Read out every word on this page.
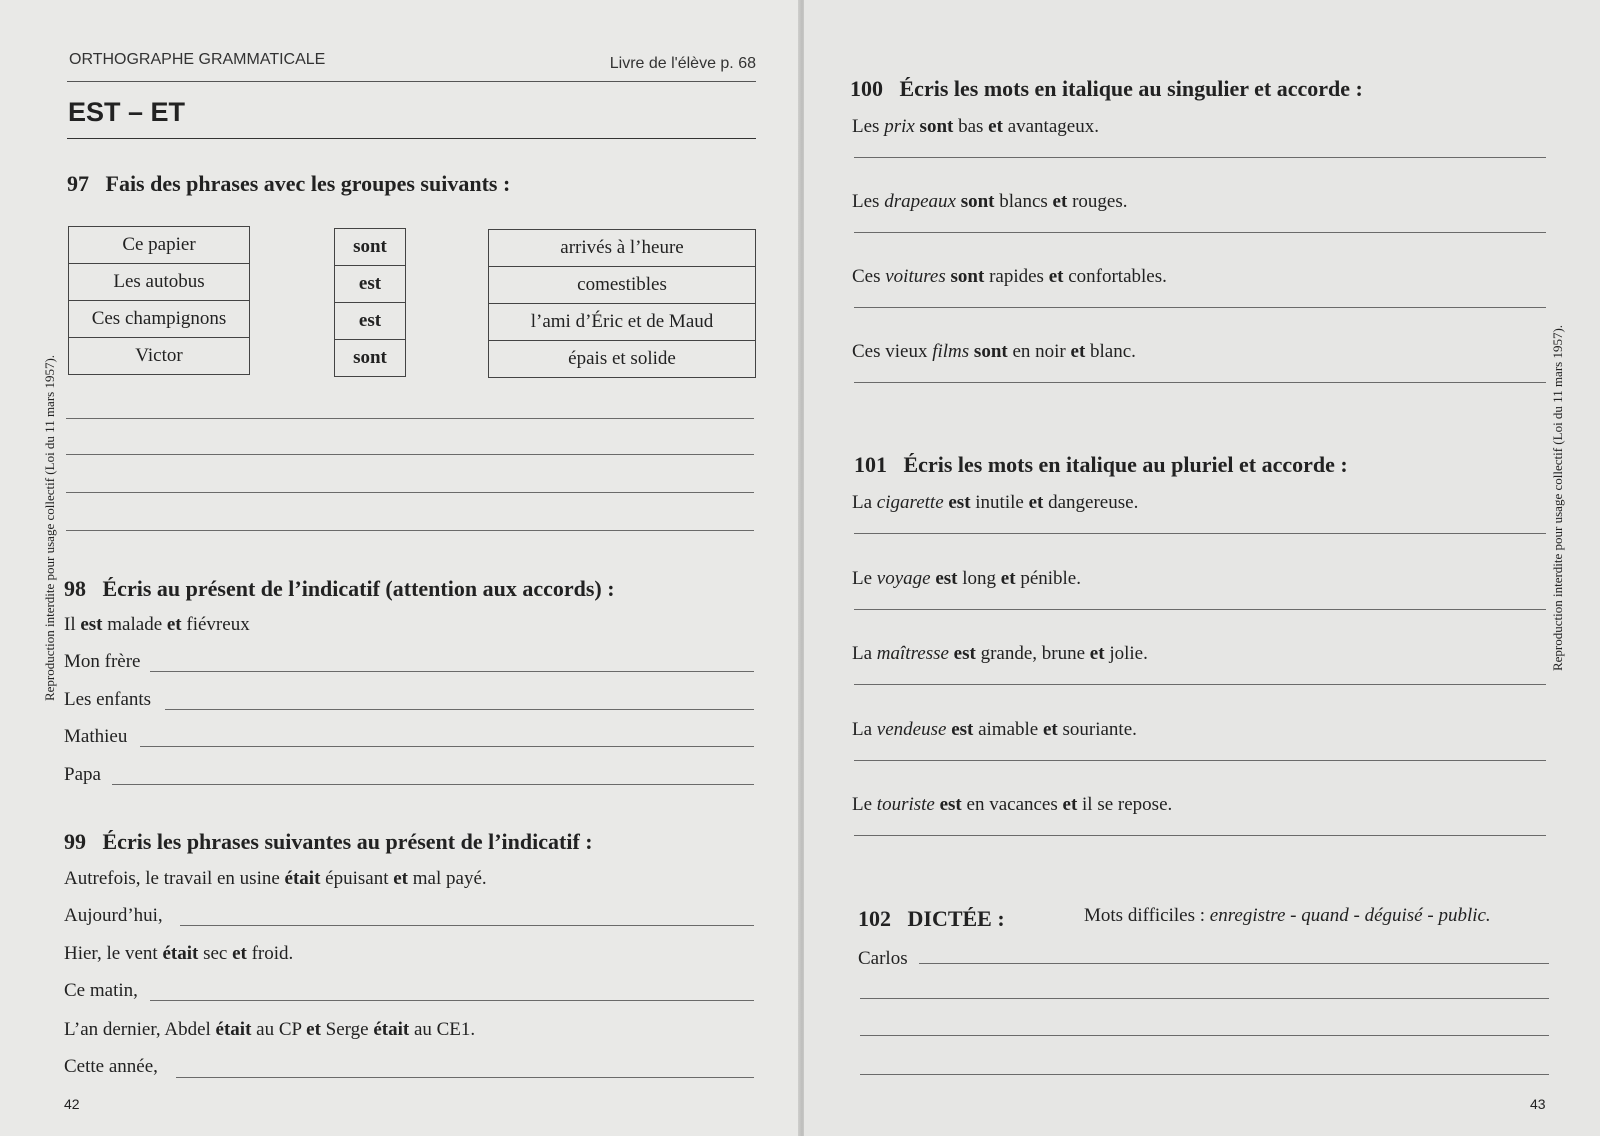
ORTHOGRAPHE GRAMMATICALE	Livre de l'élève p. 68
EST – ET
97 Fais des phrases avec les groupes suivants :
Ce papier
Les autobus
Ces champignons
Victor
sont
est
est
sont
arrivés à l’heure
comestibles
l’ami d’Éric et de Maud
épais et solide
98 Écris au présent de l’indicatif (attention aux accords) :
Il est malade et fiévreux
Mon frère
Les enfants
Mathieu
Papa
99 Écris les phrases suivantes au présent de l’indicatif :
Autrefois, le travail en usine était épuisant et mal payé.
Aujourd’hui,
Hier, le vent était sec et froid.
Ce matin,
L’an dernier, Abdel était au CP et Serge était au CE1.
Cette année,
42
Reproduction interdite pour usage collectif (Loi du 11 mars 1957).
100 Écris les mots en italique au singulier et accorde :
Les prix sont bas et avantageux.
Les drapeaux sont blancs et rouges.
Ces voitures sont rapides et confortables.
Ces vieux films sont en noir et blanc.
101 Écris les mots en italique au pluriel et accorde :
La cigarette est inutile et dangereuse.
Le voyage est long et pénible.
La maîtresse est grande, brune et jolie.
La vendeuse est aimable et souriante.
Le touriste est en vacances et il se repose.
102 DICTÉE :	Mots difficiles : enregistre - quand - déguisé - public.
Carlos
43
Reproduction interdite pour usage collectif (Loi du 11 mars 1957).
